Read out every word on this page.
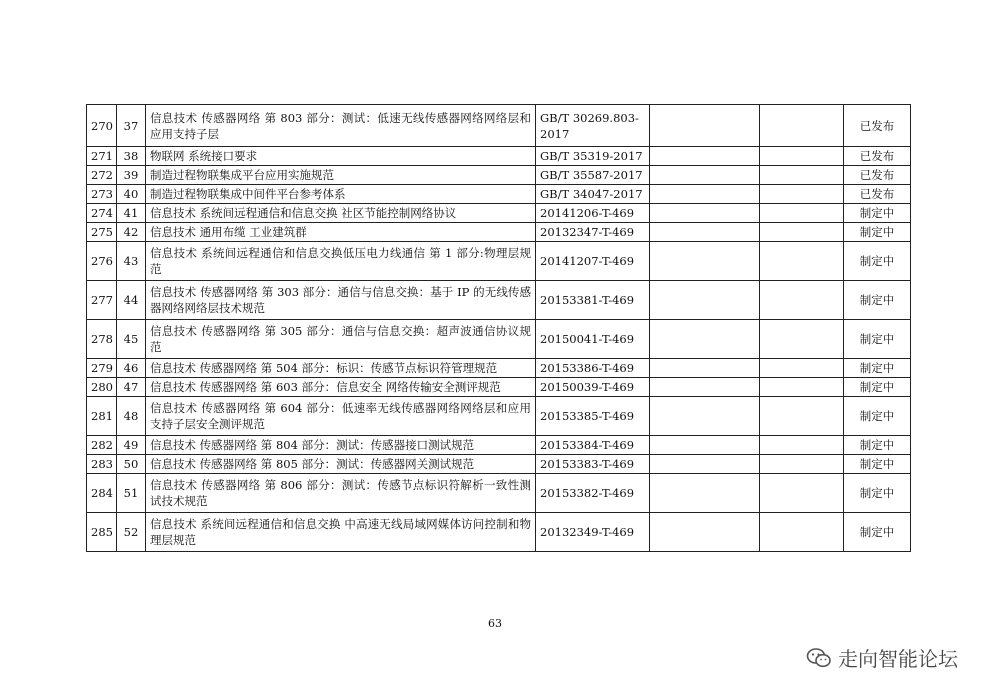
270	37	信息技术 传感器网络 第 803 部分：测试：低速无线传感器网络网络层和应用支持子层	GB/T 30269.803-2017			已发布
271	38	物联网 系统接口要求	GB/T 35319-2017			已发布
272	39	制造过程物联集成平台应用实施规范	GB/T 35587-2017			已发布
273	40	制造过程物联集成中间件平台参考体系	GB/T 34047-2017			已发布
274	41	信息技术 系统间远程通信和信息交换 社区节能控制网络协议	20141206-T-469			制定中
275	42	信息技术 通用布缆 工业建筑群	20132347-T-469			制定中
276	43	信息技术 系统间远程通信和信息交换低压电力线通信 第 1 部分:物理层规范	20141207-T-469			制定中
277	44	信息技术 传感器网络 第 303 部分：通信与信息交换：基于 IP 的无线传感器网络网络层技术规范	20153381-T-469			制定中
278	45	信息技术 传感器网络 第 305 部分：通信与信息交换：超声波通信协议规范	20150041-T-469			制定中
279	46	信息技术 传感器网络 第 504 部分：标识：传感节点标识符管理规范	20153386-T-469			制定中
280	47	信息技术 传感器网络 第 603 部分：信息安全 网络传输安全测评规范	20150039-T-469			制定中
281	48	信息技术 传感器网络 第 604 部分：低速率无线传感器网络网络层和应用支持子层安全测评规范	20153385-T-469			制定中
282	49	信息技术 传感器网络 第 804 部分：测试：传感器接口测试规范	20153384-T-469			制定中
283	50	信息技术 传感器网络 第 805 部分：测试：传感器网关测试规范	20153383-T-469			制定中
284	51	信息技术 传感器网络 第 806 部分：测试：传感节点标识符解析一致性测试技术规范	20153382-T-469			制定中
285	52	信息技术 系统间远程通信和信息交换 中高速无线局域网媒体访问控制和物理层规范	20132349-T-469			制定中
63
走向智能论坛
